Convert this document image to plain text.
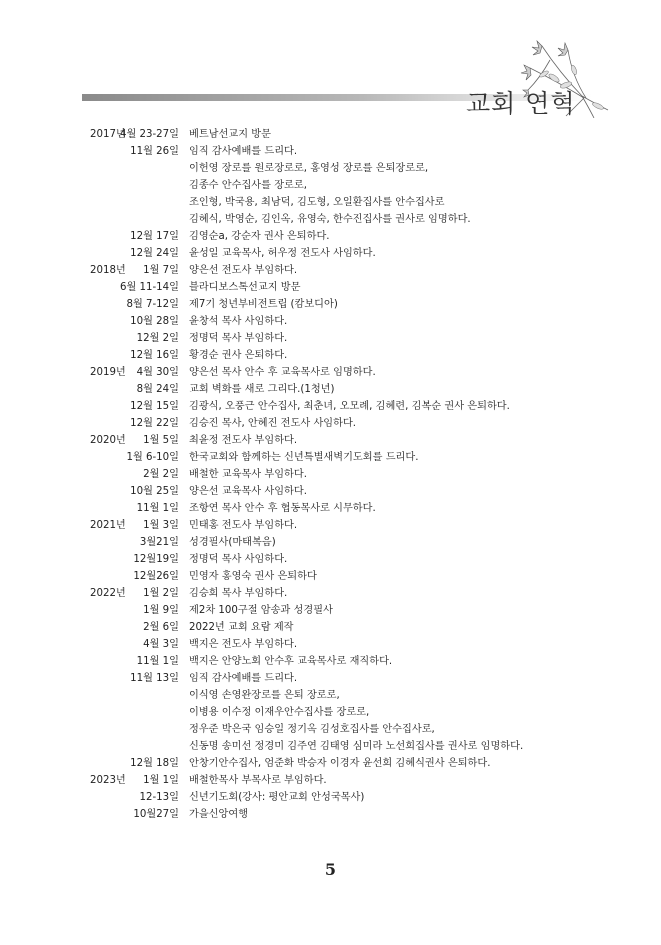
교회 연혁
2017년
4월 23-27일 베트남선교지 방문
11월 26일 임직 감사예배를 드리다.
이헌영 장로를 원로장로로, 홍영성 장로를 은퇴장로로,
김종수 안수집사를 장로로,
조인형, 박국용, 최남덕, 김도형, 오일환집사를 안수집사로
김혜식, 박영순, 김인옥, 유영숙, 한수진집사를 권사로 임명하다.
12월 17일 김영순a, 강순자 권사 은퇴하다.
12월 24일 윤성일 교육목사, 허우정 전도사 사임하다.
2018년 1월 7일 양은선 전도사 부임하다.
6월 11-14일 블라디보스톡선교지 방문
8월 7-12일 제7기 청년부비전트립 (캄보디아)
10월 28일 윤창석 목사 사임하다.
12월 2일 정명덕 목사 부임하다.
12월 16일 황경순 권사 은퇴하다.
2019년 4월 30일 양은선 목사 안수 후 교육목사로 임명하다.
8월 24일 교회 벽화를 새로 그리다.(1청년)
12월 15일 김광식, 오풍근 안수집사, 최춘녀, 오모례, 김혜련, 김복순 권사 은퇴하다.
12월 22일 김승진 목사, 안혜진 전도사 사임하다.
2020년 1월 5일 최윤정 전도사 부임하다.
1월 6-10일 한국교회와 함께하는 신년특별새벽기도회를 드리다.
2월 2일 배철한 교육목사 부임하다.
10월 25일 양은선 교육목사 사임하다.
11월 1일 조항연 목사 안수 후 협동목사로 시무하다.
2021년 1월 3일 민태홍 전도사 부임하다.
3월21일 성경필사(마태복음)
12월19일 정명덕 목사 사임하다.
12월26일 민영자 홍영숙 권사 은퇴하다
2022년 1월 2일 김승희 목사 부임하다.
1월 9일 제2차 100구절 암송과 성경필사
2월 6일 2022년 교회 요람 제작
4월 3일 백지은 전도사 부임하다.
11월 1일 백지은 안양노회 안수후 교육목사로 재직하다.
11월 13일 임직 감사예배를 드리다.
이식영 손영완장로를 은퇴 장로로,
이병용 이수정 이재우안수집사를 장로로,
정우준 박은국 임승일 정기옥 김성호집사를 안수집사로,
신동명 송미선 정경미 김주연 김태영 심미라 노선희집사를 권사로 임명하다.
12월 18일 안창기안수집사, 엄준화 박승자 이경자 윤선희 김혜식권사 은퇴하다.
2023년 1월 1일 배철한목사 부목사로 부임하다.
12-13일 신년기도회(강사: 평안교회 안성국목사)
10월27일 가을신앙여행
5
